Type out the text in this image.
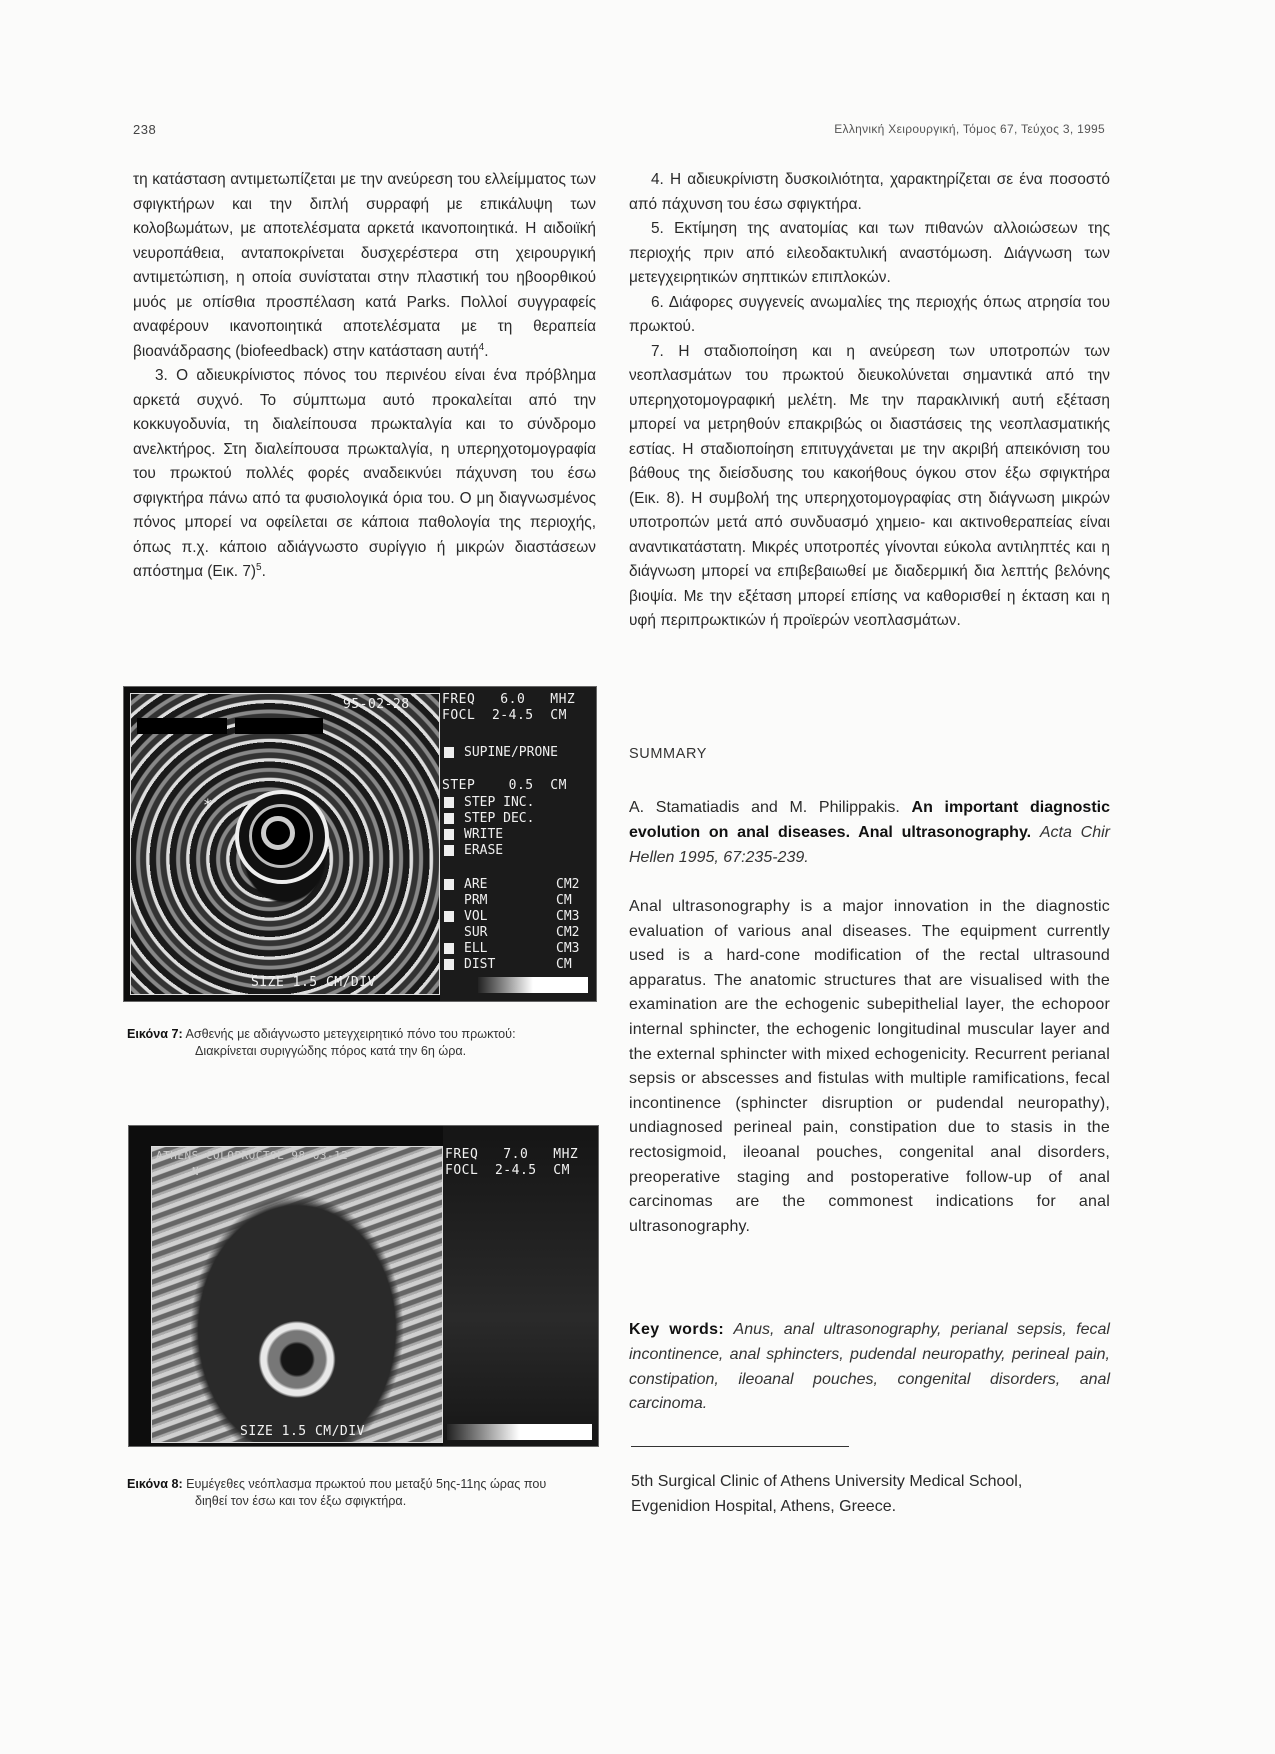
238	Ελληνική Χειρουργική, Τόμος 67, Τεύχος 3, 1995

τη κατάσταση αντιμετωπίζεται με την ανεύρεση του ελλείμματος των σφιγκτήρων και την διπλή συρραφή με επικάλυψη των κολοβωμάτων, με αποτελέσματα αρκετά ικανοποιητικά. Η αιδοιϊκή νευροπάθεια, ανταποκρίνεται δυσχερέστερα στη χειρουργική αντιμετώπιση, η οποία συνίσταται στην πλαστική του ηβοορθικού μυός με οπίσθια προσπέλαση κατά Parks. Πολλοί συγγραφείς αναφέρουν ικανοποιητικά αποτελέσματα με τη θεραπεία βιοανάδρασης (biofeedback) στην κατάσταση αυτή$^4$.

3. Ο αδιευκρίνιστος πόνος του περινέου είναι ένα πρόβλημα αρκετά συχνό. Το σύμπτωμα αυτό προκαλείται από την κοκκυγοδυνία, τη διαλείπουσα πρωκταλγία και το σύνδρομο ανελκτήρος. Στη διαλείπουσα πρωκταλγία, η υπερηχοτομογραφία του πρωκτού πολλές φορές αναδεικνύει πάχυνση του έσω σφιγκτήρα πάνω από τα φυσιολογικά όρια του. Ο μη διαγνωσμένος πόνος μπορεί να οφείλεται σε κάποια παθολογία της περιοχής, όπως π.χ. κάποιο αδιάγνωστο συρίγγιο ή μικρών διαστάσεων απόστημα (Εικ. 7)$^5$.

95-02-28
*
SIZE 1.5 CM/DIV
FREQ   6.0   MHZ
FOCL  2-4.5  CM
SUPINE/PRONE
STEP    0.5  CM
STEP INC.
STEP DEC.
WRITE
ERASE
ARE	CM2
PRM	CM
VOL	CM3
SUR	CM2
ELL	CM3
DIST	CM
Εικόνα 7: Ασθενής με αδιάγνωστο μετεγχειρητικό πόνο του πρωκτού:
Διακρίνεται συριγγώδης πόρος κατά την 6η ώρα.
ATHENS COLOPROCTOL 98-03-12
N
SIZE 1.5 CM/DIV
FREQ   7.0   MHZ
FOCL  2-4.5  CM
Εικόνα 8: Ευμέγεθες νεόπλασμα πρωκτού που μεταξύ 5ης-11ης ώρας που
διηθεί τον έσω και τον έξω σφιγκτήρα.

4. Η αδιευκρίνιστη δυσκοιλιότητα, χαρακτηρίζεται σε ένα ποσοστό από πάχυνση του έσω σφιγκτήρα.

5. Εκτίμηση της ανατομίας και των πιθανών αλλοιώσεων της περιοχής πριν από ειλεοδακτυλική αναστόμωση. Διάγνωση των μετεγχειρητικών σηπτικών επιπλοκών.

6. Διάφορες συγγενείς ανωμαλίες της περιοχής όπως ατρησία του πρωκτού.

7. Η σταδιοποίηση και η ανεύρεση των υποτροπών των νεοπλασμάτων του πρωκτού διευκολύνεται σημαντικά από την υπερηχοτομογραφική μελέτη. Με την παρακλινική αυτή εξέταση μπορεί να μετρηθούν επακριβώς οι διαστάσεις της νεοπλασματικής εστίας. Η σταδιοποίηση επιτυγχάνεται με την ακριβή απεικόνιση του βάθους της διείσδυσης του κακοήθους όγκου στον έξω σφιγκτήρα (Εικ. 8). Η συμβολή της υπερηχοτομογραφίας στη διάγνωση μικρών υποτροπών μετά από συνδυασμό χημειο- και ακτινοθεραπείας είναι αναντικατάστατη. Μικρές υποτροπές γίνονται εύκολα αντιληπτές και η διάγνωση μπορεί να επιβεβαιωθεί με διαδερμική δια λεπτής βελόνης βιοψία. Με την εξέταση μπορεί επίσης να καθορισθεί η έκταση και η υφή περιπρωκτικών ή προϊερών νεοπλασμάτων.

SUMMARY
A. Stamatiadis and M. Philippakis. An important diagnostic evolution on anal diseases. Anal ultrasonography. Acta Chir Hellen 1995, 67:235-239.
Anal ultrasonography is a major innovation in the diagnostic evaluation of various anal diseases. The equipment currently used is a hard-cone modification of the rectal ultrasound apparatus. The anatomic structures that are visualised with the examination are the echogenic subepithelial layer, the echopoor internal sphincter, the echogenic longitudinal muscular layer and the external sphincter with mixed echogenicity. Recurrent perianal sepsis or abscesses and fistulas with multiple ramifications, fecal incontinence (sphincter disruption or pudendal neuropathy), undiagnosed perineal pain, constipation due to stasis in the rectosigmoid, ileoanal pouches, congenital anal disorders, preoperative staging and postoperative follow-up of anal carcinomas are the commonest indications for anal ultrasonography.
Key words: Anus, anal ultrasonography, perianal sepsis, fecal incontinence, anal sphincters, pudendal neuropathy, perineal pain, constipation, ileoanal pouches, congenital disorders, anal carcinoma.
5th Surgical Clinic of Athens University Medical School,
Evgenidion Hospital, Athens, Greece.
